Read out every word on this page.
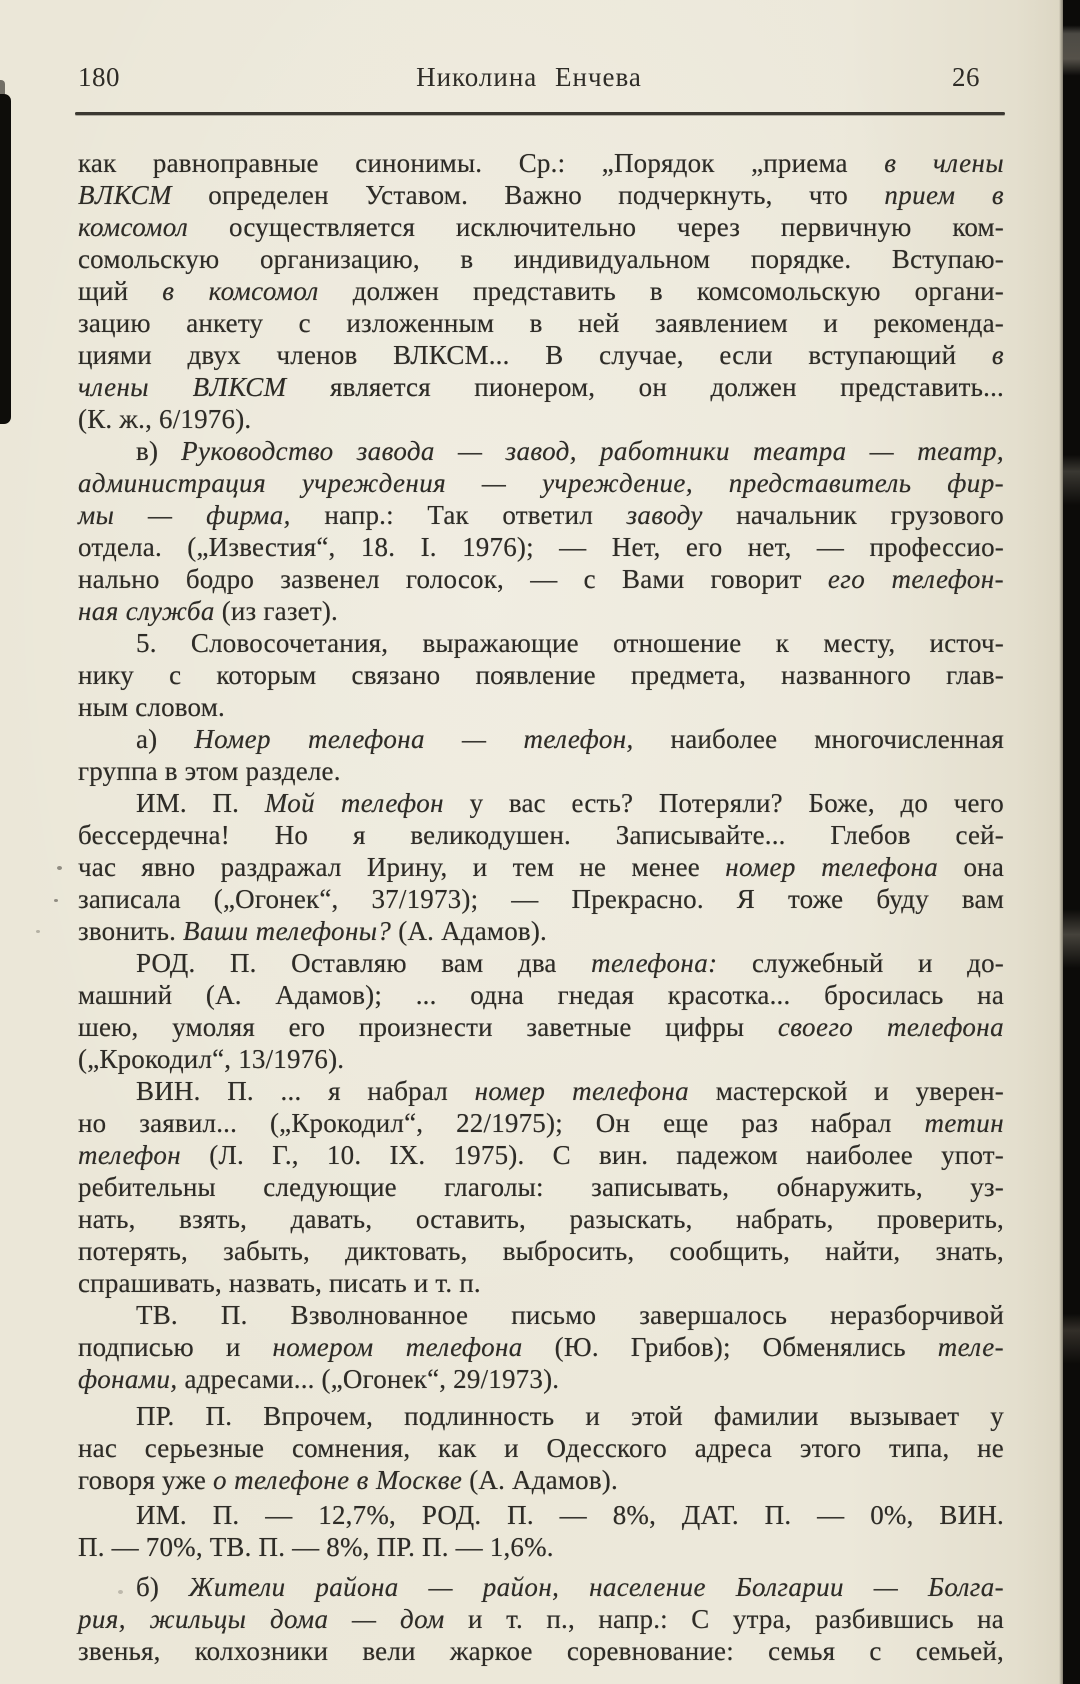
180	Николина Енчева	26
как равноправные синонимы. Ср.: „Порядок „приема в члены
ВЛКСМ определен Уставом. Важно подчеркнуть, что прием в
комсомол осуществляется исключительно через первичную ком-
сомольскую организацию, в индивидуальном порядке. Вступаю-
щий в комсомол должен представить в комсомольскую органи-
зацию анкету с изложенным в ней заявлением и рекоменда-
циями двух членов ВЛКСМ... В случае, если вступающий в
члены ВЛКСМ является пионером, он должен представить...
(К. ж., 6/1976).
в) Руководство завода — завод, работники театра — театр,
администрация учреждения — учреждение, представитель фир-
мы — фирма, напр.: Так ответил заводу начальник грузового
отдела. („Известия“, 18. I. 1976); — Нет, его нет, — профессио-
нально бодро зазвенел голосок, — с Вами говорит его телефон-
ная служба (из газет).
5. Словосочетания, выражающие отношение к месту, источ-
нику с которым связано появление предмета, названного глав-
ным словом.
а) Номер телефона — телефон, наиболее многочисленная
группа в этом разделе.
ИМ. П. Мой телефон у вас есть? Потеряли? Боже, до чего
бессердечна! Но я великодушен. Записывайте... Глебов сей-
час явно раздражал Ирину, и тем не менее номер телефона она
записала („Огонек“, 37/1973); — Прекрасно. Я тоже буду вам
звонить. Ваши телефоны? (А. Адамов).
РОД. П. Оставляю вам два телефона: служебный и до-
машний (А. Адамов); ... одна гнедая красотка... бросилась на
шею, умоляя его произнести заветные цифры своего телефона
(„Крокодил“, 13/1976).
ВИН. П. ... я набрал номер телефона мастерской и уверен-
но заявил... („Крокодил“, 22/1975); Он еще раз набрал тетин
телефон (Л. Г., 10. IX. 1975). С вин. падежом наиболее упот-
ребительны следующие глаголы: записывать, обнаружить, уз-
нать, взять, давать, оставить, разыскать, набрать, проверить,
потерять, забыть, диктовать, выбросить, сообщить, найти, знать,
спрашивать, назвать, писать и т. п.
ТВ. П. Взволнованное письмо завершалось неразборчивой
подписью и номером телефона (Ю. Грибов); Обменялись теле-
фонами, адресами... („Огонек“, 29/1973).
ПР. П. Впрочем, подлинность и этой фамилии вызывает у
нас серьезные сомнения, как и Одесского адреса этого типа, не
говоря уже о телефоне в Москве (А. Адамов).
ИМ. П. — 12,7%, РОД. П. — 8%, ДАТ. П. — 0%, ВИН.
П. — 70%, ТВ. П. — 8%, ПР. П. — 1,6%.
б) Жители района — район, население Болгарии — Болга-
рия, жильцы дома — дом и т. п., напр.: С утра, разбившись на
звенья, колхозники вели жаркое соревнование: семья с семьей,
